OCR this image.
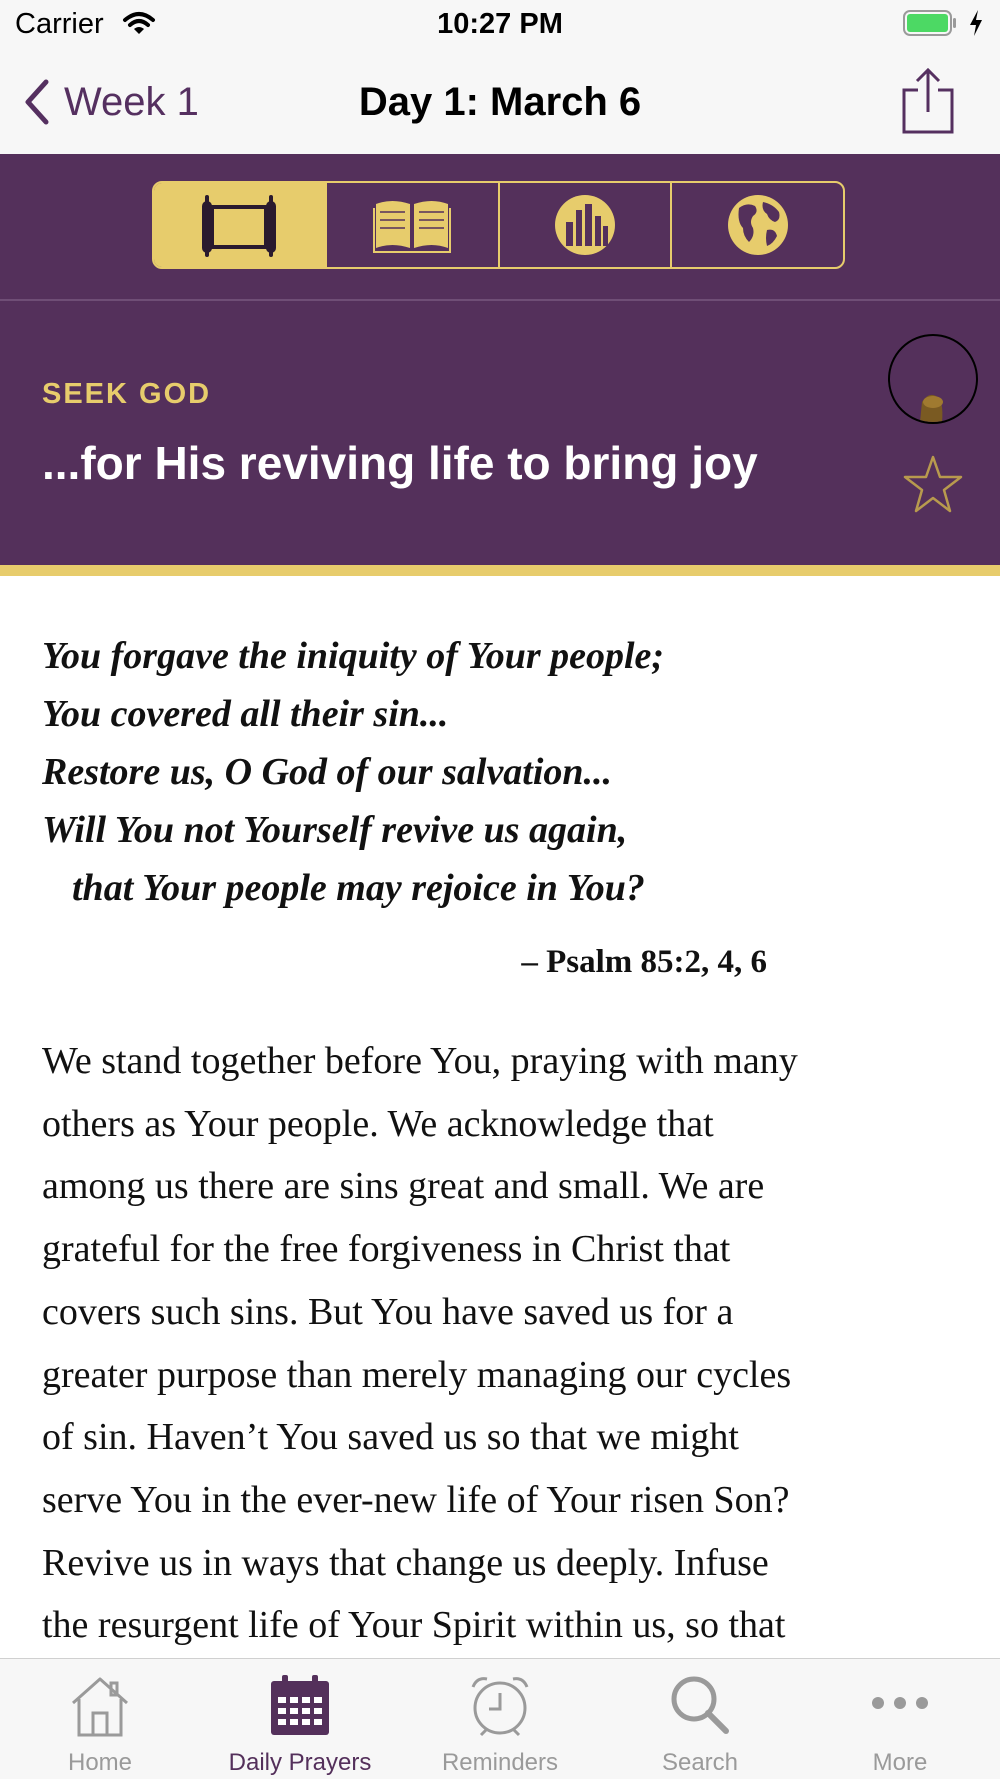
Carrier	10:27 PM
Week 1	Day 1: March 6
SEEK GOD
...for His reviving life to bring joy
You forgave the iniquity of Your people;
You covered all their sin...
Restore us, O God of our salvation...
Will You not Yourself revive us again,
that Your people may rejoice in You?
– Psalm 85:2, 4, 6
We stand together before You, praying with many
others as Your people. We acknowledge that
among us there are sins great and small. We are
grateful for the free forgiveness in Christ that
covers such sins. But You have saved us for a
greater purpose than merely managing our cycles
of sin. Haven’t You saved us so that we might
serve You in the ever-new life of Your risen Son?
Revive us in ways that change us deeply. Infuse
the resurgent life of Your Spirit within us, so that
Home	Daily Prayers	Reminders	Search	More
